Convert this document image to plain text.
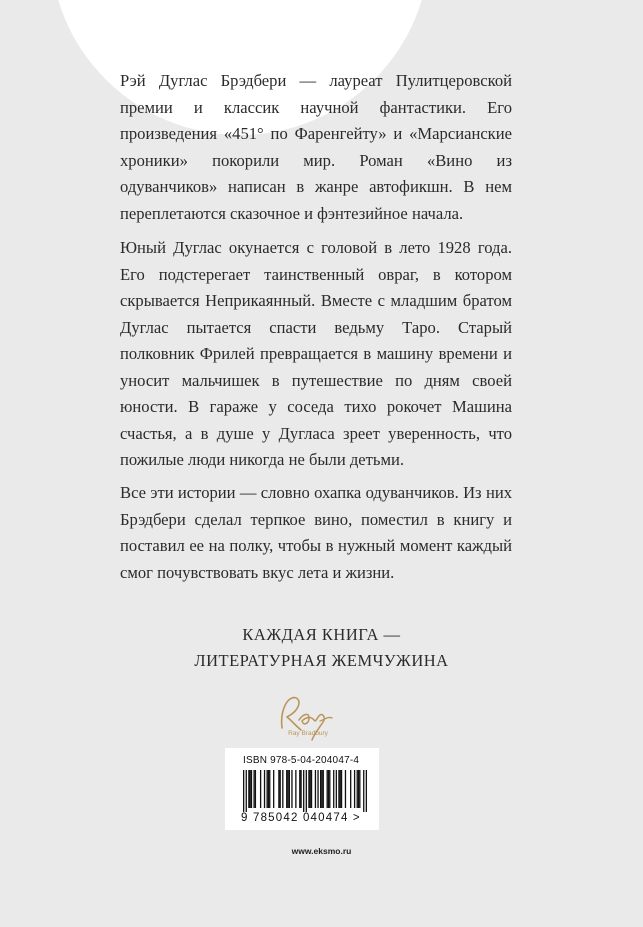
Рэй Дуглас Брэдбери — лауреат Пулитцеровской премии и классик научной фантастики. Его произведения «451° по Фаренгейту» и «Марсианские хроники» покорили мир. Роман «Вино из одуванчиков» написан в жанре автофикшн. В нем переплетаются сказочное и фэнтезийное начала.

Юный Дуглас окунается с головой в лето 1928 года. Его подстерегает таинственный овраг, в котором скрывается Неприкаянный. Вместе с младшим братом Дуглас пытается спасти ведьму Таро. Старый полковник Фрилей превращается в машину времени и уносит мальчишек в путешествие по дням своей юности. В гараже у соседа тихо рокочет Машина счастья, а в душе у Дугласа зреет уверенность, что пожилые люди никогда не были детьми.

Все эти истории — словно охапка одуванчиков. Из них Брэдбери сделал терпкое вино, поместил в книгу и поставил ее на полку, чтобы в нужный момент каждый смог почувствовать вкус лета и жизни.

КАЖДАЯ КНИГА —
ЛИТЕРАТУРНАЯ ЖЕМЧУЖИНА
Ray Bradbury
ISBN 978-5-04-204047-4
9 785042 040474 >
www.eksmo.ru
